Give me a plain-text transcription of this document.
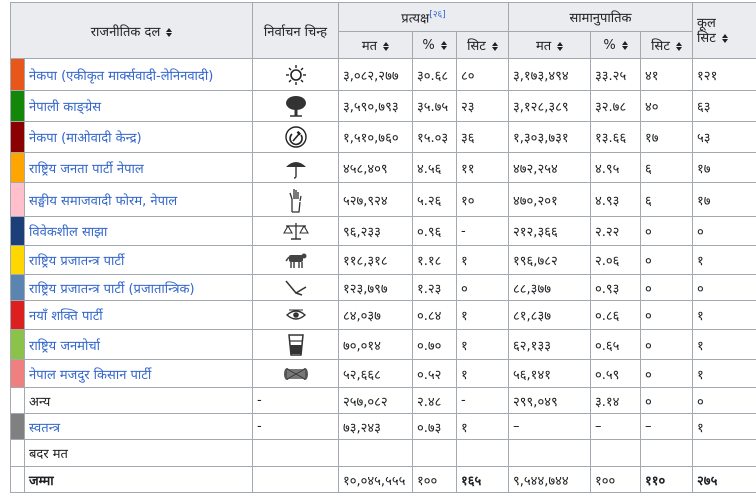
राजनीतिक दल		निर्वाचन चिन्ह	प्रत्यक्ष[२६]			सामानुपातिक			कूल
सिट

			मत	%	सिट	मत	%	सिट	

	नेकपा (एकीकृत मार्क्सवादी-लेनिनवादी)		३,०८२,२७७	३०.६८	८०	३,१७३,४९४	३३.२५	४१	१२१
	नेपाली काङ्ग्रेस		३,५९०,७९३	३५.७५	२३	३,१२८,३८९	३२.७८	४०	६३
	नेकपा (माओवादी केन्द्र)		१,५१०,७६०	१५.०३	३६	१,३०३,७३१	१३.६६	१७	५३
	राष्ट्रिय जनता पार्टी नेपाल		४५८,४०९	४.५६	११	४७२,२५४	४.९५	६	१७
	सङ्घीय समाजवादी फोरम, नेपाल		५२७,९२४	५.२६	१०	४७०,२०१	४.९३	६	१७
	विवेकशील साझा		९६,२३३	०.९६	-	२१२,३६६	२.२२	०	०
	राष्ट्रिय प्रजातन्त्र पार्टी		११८,३१८	१.१८	१	१९६,७८२	२.०६	०	१
	राष्ट्रिय प्रजातन्त्र पार्टी (प्रजातान्त्रिक)		१२३,७९७	१.२३	०	८८,३७७	०.९३	०	०
	नयाँ शक्ति पार्टी		८४,०३७	०.८४	१	८१,८३७	०.८६	०	१
	राष्ट्रिय जनमोर्चा		७०,०१४	०.७०	१	६२,१३३	०.६५	०	१
	नेपाल मजदुर किसान पार्टी		५२,६६८	०.५२	१	५६,१४१	०.५९	०	१
	अन्य	-	२५७,०८२	२.४८	-	२९९,०४९	३.१४	०	०
	स्वतन्त्र	-	७३,२४३	०.७३	१	–	–	–	१
	बदर मत								
	जम्मा		१०,०४५,५५५	१००	१६५	९,५४४,७४४	१००	११०	२७५
